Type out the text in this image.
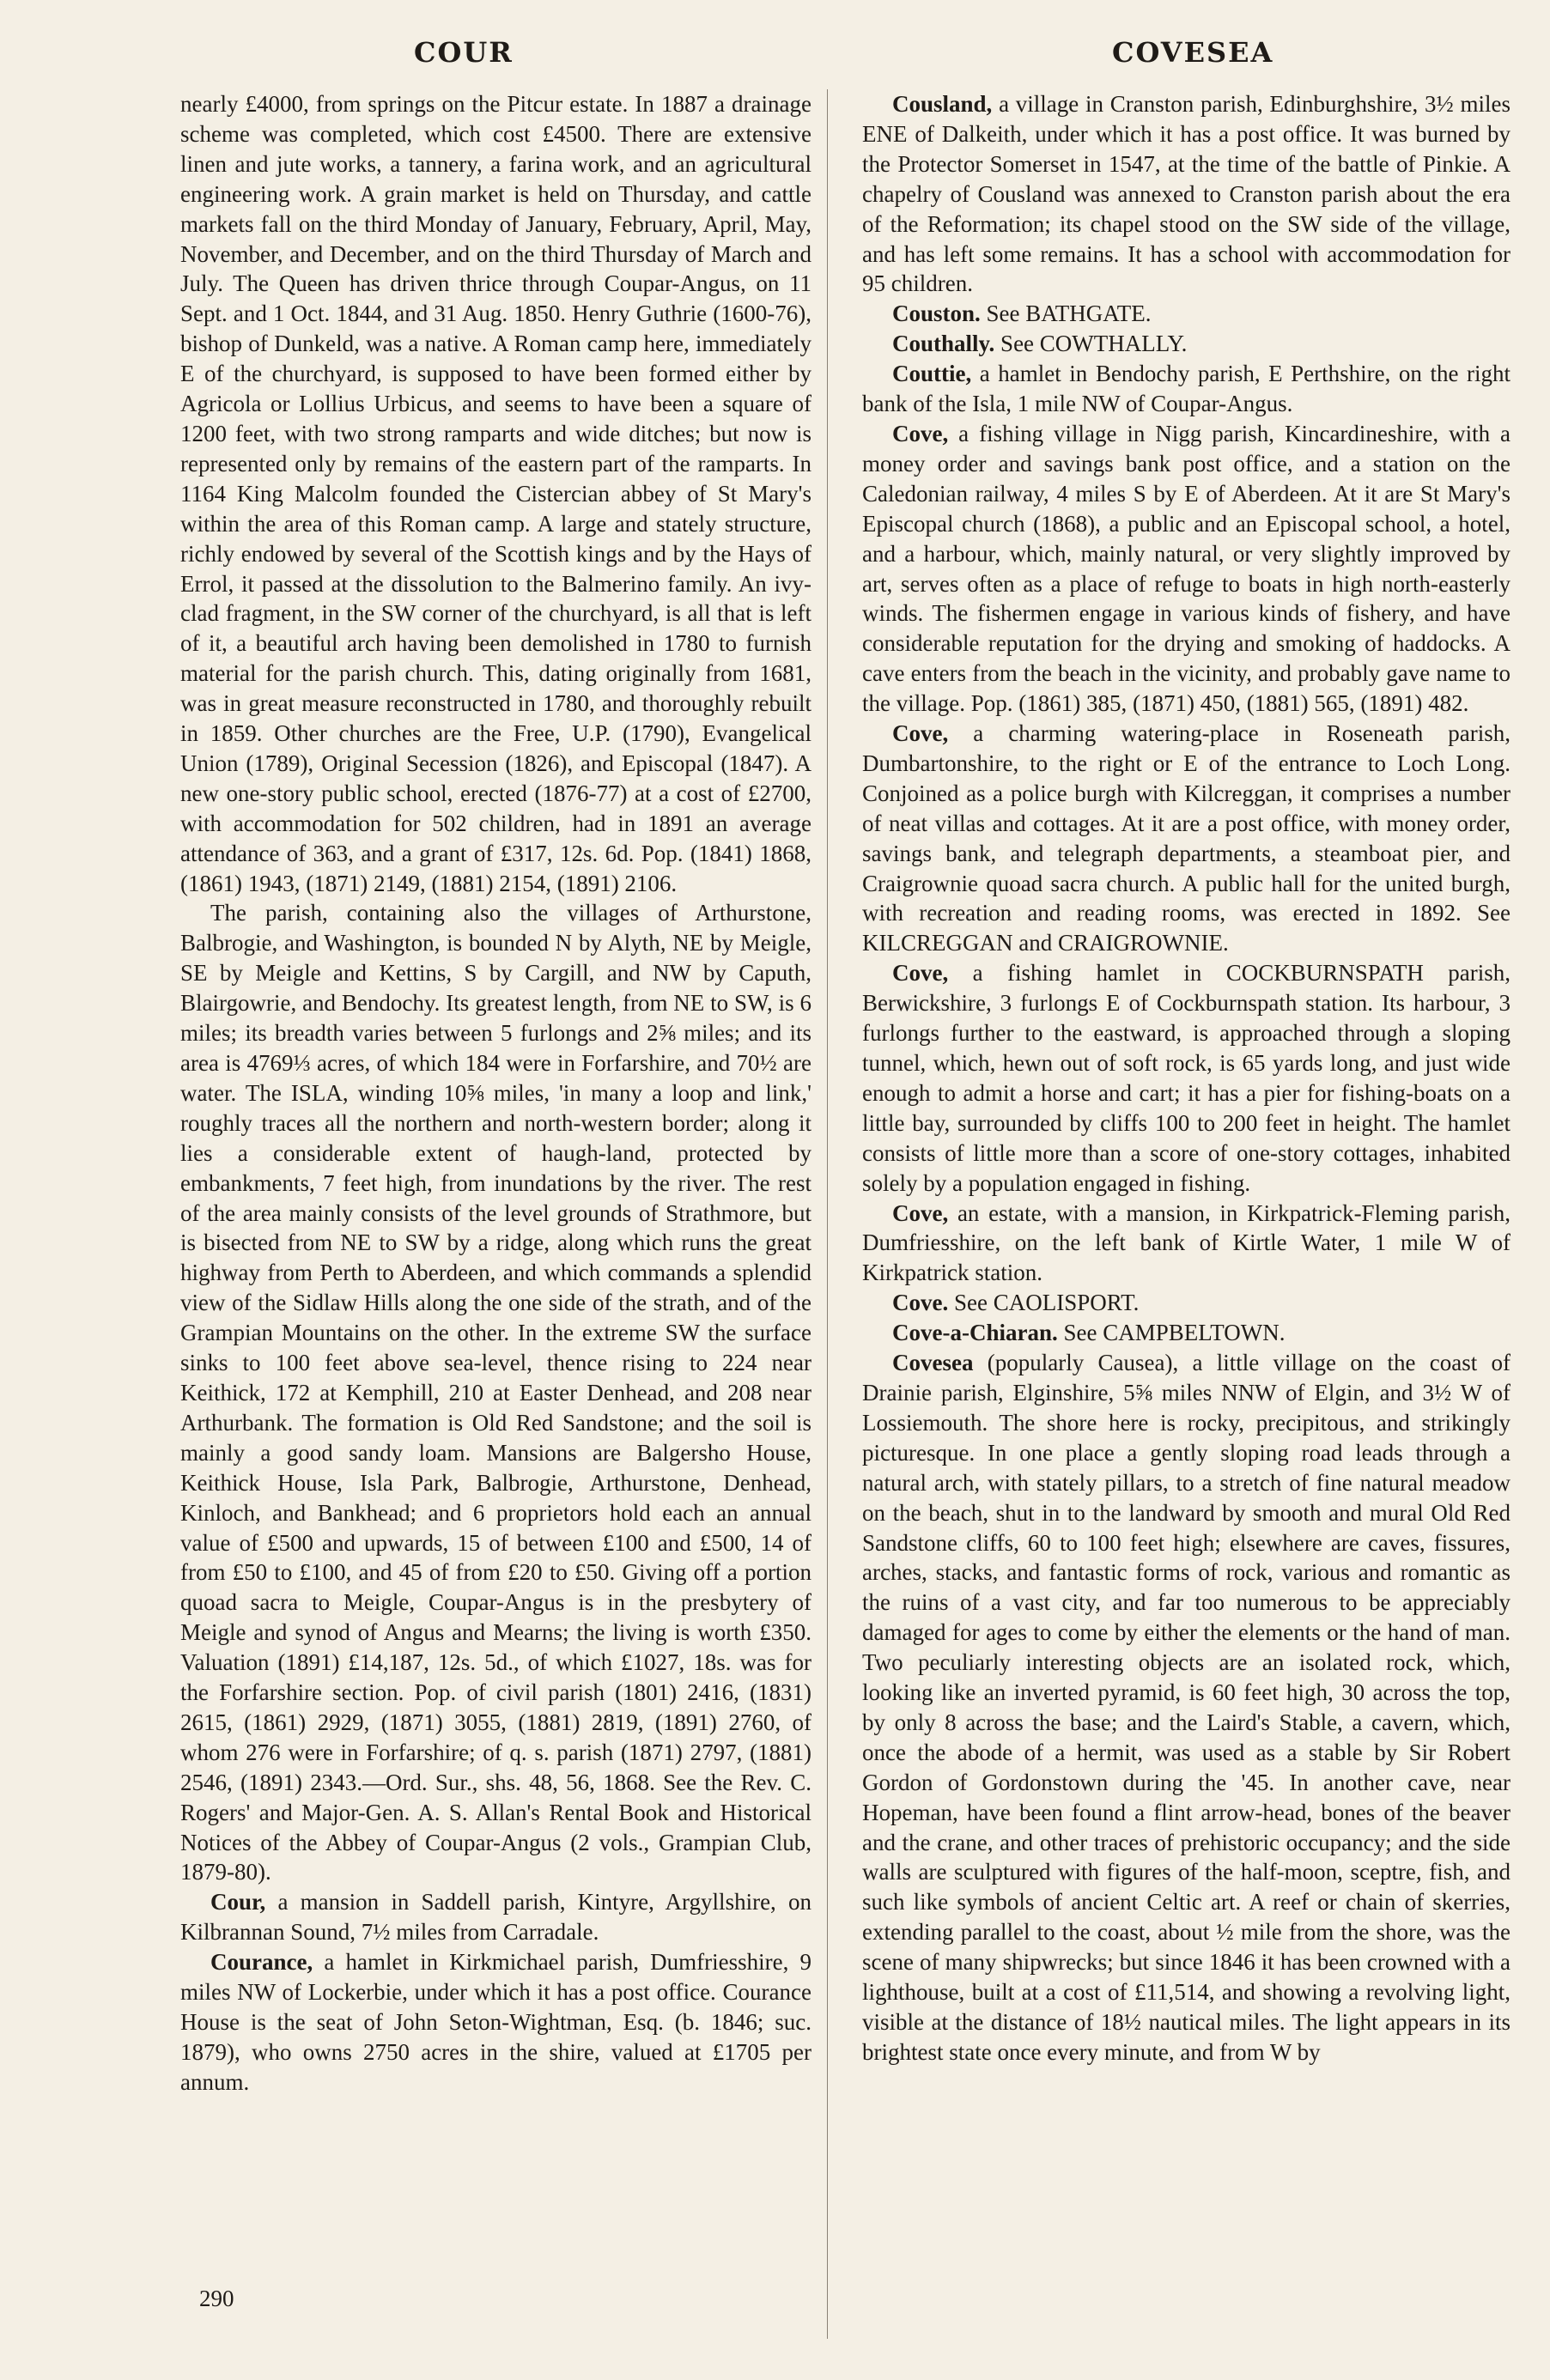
COUR	COVESEA

nearly £4000, from springs on the Pitcur estate. In 1887 a drainage scheme was completed, which cost £4500. There are extensive linen and jute works, a tannery, a farina work, and an agricultural engineering work. A grain market is held on Thursday, and cattle markets fall on the third Monday of January, February, April, May, November, and December, and on the third Thursday of March and July. The Queen has driven thrice through Coupar-Angus, on 11 Sept. and 1 Oct. 1844, and 31 Aug. 1850. Henry Guthrie (1600-76), bishop of Dunkeld, was a native. A Roman camp here, immediately E of the churchyard, is supposed to have been formed either by Agricola or Lollius Urbicus, and seems to have been a square of 1200 feet, with two strong ramparts and wide ditches; but now is represented only by remains of the eastern part of the ramparts. In 1164 King Malcolm founded the Cistercian abbey of St Mary's within the area of this Roman camp. A large and stately structure, richly endowed by several of the Scottish kings and by the Hays of Errol, it passed at the dissolution to the Balmerino family. An ivy-clad fragment, in the SW corner of the churchyard, is all that is left of it, a beautiful arch having been demolished in 1780 to furnish material for the parish church. This, dating originally from 1681, was in great measure reconstructed in 1780, and thoroughly rebuilt in 1859. Other churches are the Free, U.P. (1790), Evangelical Union (1789), Original Secession (1826), and Episcopal (1847). A new one-story public school, erected (1876-77) at a cost of £2700, with accommodation for 502 children, had in 1891 an average attendance of 363, and a grant of £317, 12s. 6d. Pop. (1841) 1868, (1861) 1943, (1871) 2149, (1881) 2154, (1891) 2106.

The parish, containing also the villages of Arthurstone, Balbrogie, and Washington, is bounded N by Alyth, NE by Meigle, SE by Meigle and Kettins, S by Cargill, and NW by Caputh, Blairgowrie, and Bendochy. Its greatest length, from NE to SW, is 6 miles; its breadth varies between 5 furlongs and 2⅝ miles; and its area is 4769⅓ acres, of which 184 were in Forfarshire, and 70½ are water. The ISLA, winding 10⅝ miles, 'in many a loop and link,' roughly traces all the northern and north-western border; along it lies a considerable extent of haugh-land, protected by embankments, 7 feet high, from inundations by the river. The rest of the area mainly consists of the level grounds of Strathmore, but is bisected from NE to SW by a ridge, along which runs the great highway from Perth to Aberdeen, and which commands a splendid view of the Sidlaw Hills along the one side of the strath, and of the Grampian Mountains on the other. In the extreme SW the surface sinks to 100 feet above sea-level, thence rising to 224 near Keithick, 172 at Kemphill, 210 at Easter Denhead, and 208 near Arthurbank. The formation is Old Red Sandstone; and the soil is mainly a good sandy loam. Mansions are Balgersho House, Keithick House, Isla Park, Balbrogie, Arthurstone, Denhead, Kinloch, and Bankhead; and 6 proprietors hold each an annual value of £500 and upwards, 15 of between £100 and £500, 14 of from £50 to £100, and 45 of from £20 to £50. Giving off a portion quoad sacra to Meigle, Coupar-Angus is in the presbytery of Meigle and synod of Angus and Mearns; the living is worth £350. Valuation (1891) £14,187, 12s. 5d., of which £1027, 18s. was for the Forfarshire section. Pop. of civil parish (1801) 2416, (1831) 2615, (1861) 2929, (1871) 3055, (1881) 2819, (1891) 2760, of whom 276 were in Forfarshire; of q. s. parish (1871) 2797, (1881) 2546, (1891) 2343.—Ord. Sur., shs. 48, 56, 1868. See the Rev. C. Rogers' and Major-Gen. A. S. Allan's Rental Book and Historical Notices of the Abbey of Coupar-Angus (2 vols., Grampian Club, 1879-80).

Cour, a mansion in Saddell parish, Kintyre, Argyllshire, on Kilbrannan Sound, 7½ miles from Carradale.

Courance, a hamlet in Kirkmichael parish, Dumfriesshire, 9 miles NW of Lockerbie, under which it has a post office. Courance House is the seat of John Seton-Wightman, Esq. (b. 1846; suc. 1879), who owns 2750 acres in the shire, valued at £1705 per annum.

Cousland, a village in Cranston parish, Edinburghshire, 3½ miles ENE of Dalkeith, under which it has a post office. It was burned by the Protector Somerset in 1547, at the time of the battle of Pinkie. A chapelry of Cousland was annexed to Cranston parish about the era of the Reformation; its chapel stood on the SW side of the village, and has left some remains. It has a school with accommodation for 95 children.

Couston. See BATHGATE.

Couthally. See COWTHALLY.

Couttie, a hamlet in Bendochy parish, E Perthshire, on the right bank of the Isla, 1 mile NW of Coupar-Angus.

Cove, a fishing village in Nigg parish, Kincardineshire, with a money order and savings bank post office, and a station on the Caledonian railway, 4 miles S by E of Aberdeen. At it are St Mary's Episcopal church (1868), a public and an Episcopal school, a hotel, and a harbour, which, mainly natural, or very slightly improved by art, serves often as a place of refuge to boats in high north-easterly winds. The fishermen engage in various kinds of fishery, and have considerable reputation for the drying and smoking of haddocks. A cave enters from the beach in the vicinity, and probably gave name to the village. Pop. (1861) 385, (1871) 450, (1881) 565, (1891) 482.

Cove, a charming watering-place in Roseneath parish, Dumbartonshire, to the right or E of the entrance to Loch Long. Conjoined as a police burgh with Kilcreggan, it comprises a number of neat villas and cottages. At it are a post office, with money order, savings bank, and telegraph departments, a steamboat pier, and Craigrownie quoad sacra church. A public hall for the united burgh, with recreation and reading rooms, was erected in 1892. See KILCREGGAN and CRAIGROWNIE.

Cove, a fishing hamlet in COCKBURNSPATH parish, Berwickshire, 3 furlongs E of Cockburnspath station. Its harbour, 3 furlongs further to the eastward, is approached through a sloping tunnel, which, hewn out of soft rock, is 65 yards long, and just wide enough to admit a horse and cart; it has a pier for fishing-boats on a little bay, surrounded by cliffs 100 to 200 feet in height. The hamlet consists of little more than a score of one-story cottages, inhabited solely by a population engaged in fishing.

Cove, an estate, with a mansion, in Kirkpatrick-Fleming parish, Dumfriesshire, on the left bank of Kirtle Water, 1 mile W of Kirkpatrick station.

Cove. See CAOLISPORT.

Cove-a-Chiaran. See CAMPBELTOWN.

Covesea (popularly Causea), a little village on the coast of Drainie parish, Elginshire, 5⅝ miles NNW of Elgin, and 3½ W of Lossiemouth. The shore here is rocky, precipitous, and strikingly picturesque. In one place a gently sloping road leads through a natural arch, with stately pillars, to a stretch of fine natural meadow on the beach, shut in to the landward by smooth and mural Old Red Sandstone cliffs, 60 to 100 feet high; elsewhere are caves, fissures, arches, stacks, and fantastic forms of rock, various and romantic as the ruins of a vast city, and far too numerous to be appreciably damaged for ages to come by either the elements or the hand of man. Two peculiarly interesting objects are an isolated rock, which, looking like an inverted pyramid, is 60 feet high, 30 across the top, by only 8 across the base; and the Laird's Stable, a cavern, which, once the abode of a hermit, was used as a stable by Sir Robert Gordon of Gordonstown during the '45. In another cave, near Hopeman, have been found a flint arrow-head, bones of the beaver and the crane, and other traces of prehistoric occupancy; and the side walls are sculptured with figures of the half-moon, sceptre, fish, and such like symbols of ancient Celtic art. A reef or chain of skerries, extending parallel to the coast, about ½ mile from the shore, was the scene of many shipwrecks; but since 1846 it has been crowned with a lighthouse, built at a cost of £11,514, and showing a revolving light, visible at the distance of 18½ nautical miles. The light appears in its brightest state once every minute, and from W by

290
